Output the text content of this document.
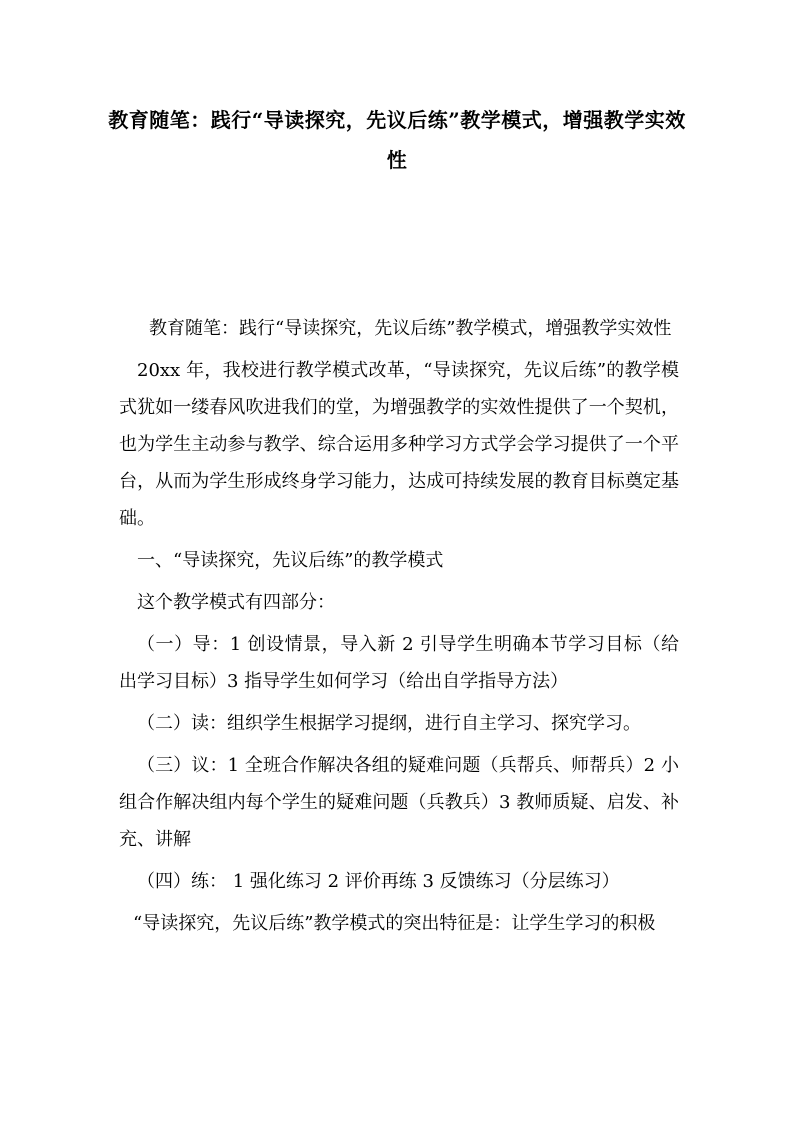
教育随笔：践行“导读探究，先议后练”教学模式，增强教学实效性

教育随笔：践行“导读探究，先议后练”教学模式，增强教学实效性

20xx 年，我校进行教学模式改革，“导读探究，先议后练”的教学模式犹如一缕春风吹进我们的堂，为增强教学的实效性提供了一个契机，也为学生主动参与教学、综合运用多种学习方式学会学习提供了一个平台，从而为学生形成终身学习能力，达成可持续发展的教育目标奠定基础。

一、“导读探究，先议后练”的教学模式

这个教学模式有四部分：

（一）导：1 创设情景，导入新 2 引导学生明确本节学习目标（给出学习目标）3 指导学生如何学习（给出自学指导方法）

（二）读：组织学生根据学习提纲，进行自主学习、探究学习。

（三）议：1 全班合作解决各组的疑难问题（兵帮兵、师帮兵）2 小组合作解决组内每个学生的疑难问题（兵教兵）3 教师质疑、启发、补充、讲解

（四）练： 1 强化练习 2 评价再练 3 反馈练习（分层练习）

“导读探究，先议后练”教学模式的突出特征是：让学生学习的积极
